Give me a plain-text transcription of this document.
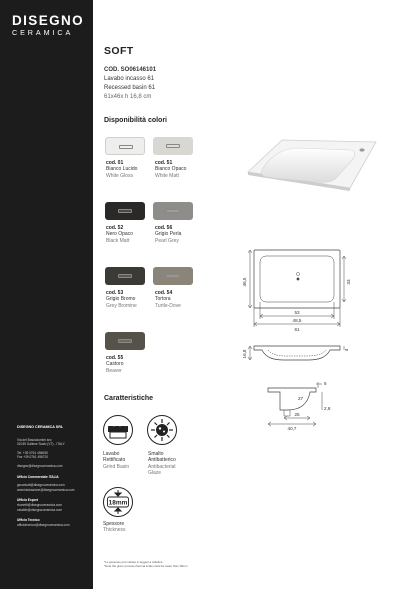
DISEGNO
CERAMICA
DISEGNO CERAMICA SRL
Via del Boscodomini snc
01035 Gallese Scalo (VT) - ITALY
Tel. +39 0761 496055
Fax +39 0761 496720
disegno@disegnoceramica.com
Ufficio Commerciale ITALIA
gscaricati@disegnoceramica.com
amministrazione@disegnoceramica.com
Ufficio Export
rbonetti@disegnoceramica.com
cstabile@disegnoceramica.com
Ufficio Tecnico
ufficiotecnico@disegnoceramica.com
SOFT
COD. SO06146101
Lavabo incasso 61
Recessed basin 61
61x46x h 16,8 cm
Disponibilità colori
cod. 01
Bianco Lucido
White Gloss
cod. 51
Bianco Opaco
White Matt
cod. 52
Nero Opaco
Black Matt
cod. 56
Grigio Perla
Pearl Grey
cod. 53
Grigio Bromo
Grey Bromine
cod. 54
Tortora
Turtle-Dove
cod. 55
Castoro
Beaver
Caratteristiche
Lavabo
Rettificato
Grind Basin
Smalto
Antibatterico
Antibacterial
Glaze
18mm
Spessore
Thickness
46,5	33
53
48,5
61
16,8	4
6
27
25
2,8
40,7
*Lo spessore può variare in leggeri a millefica
*Note the given process thermal scale could be lower than 18mm
